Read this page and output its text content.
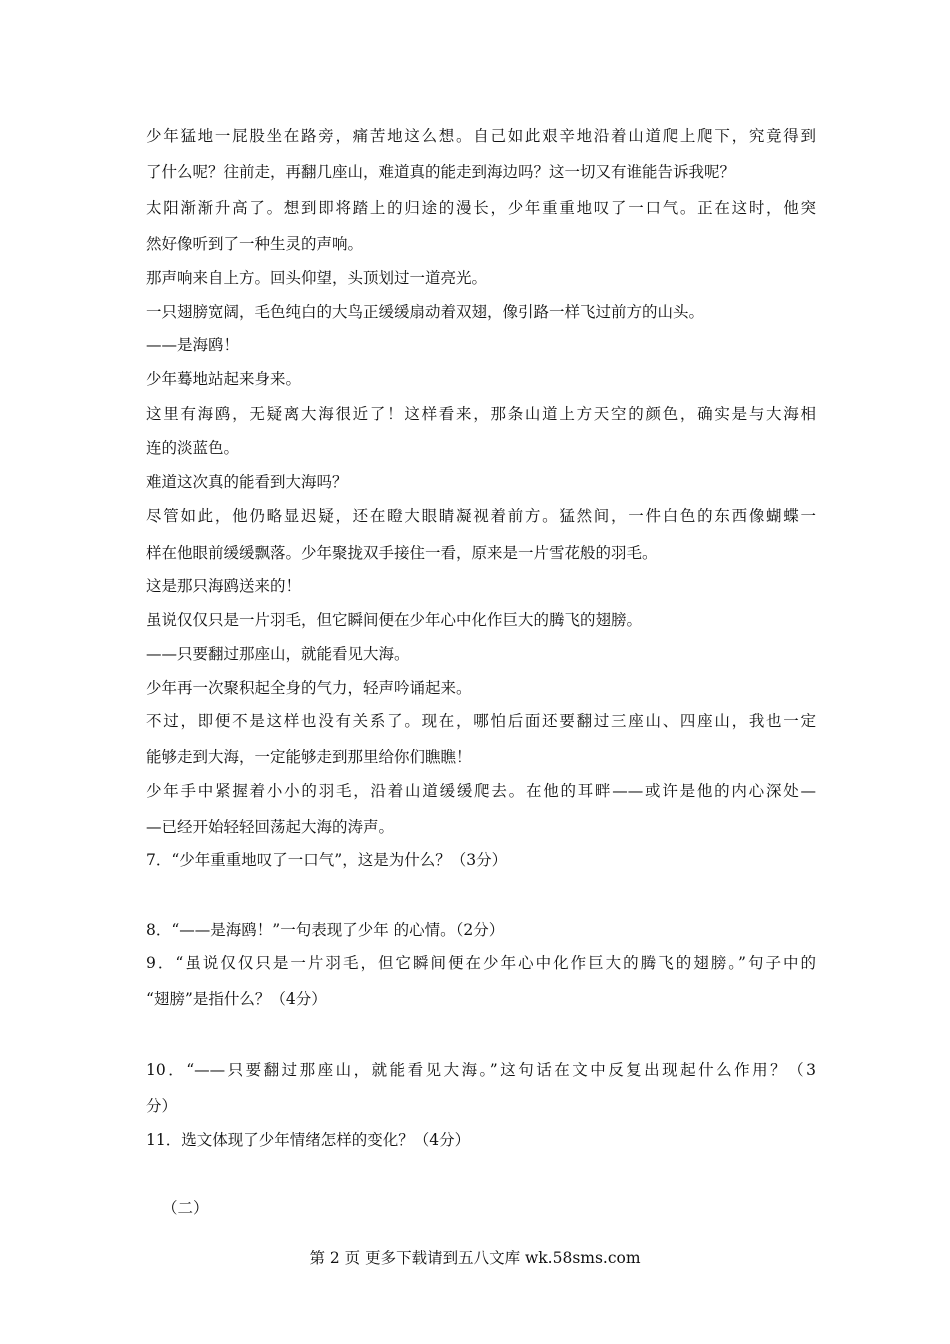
少年猛地一屁股坐在路旁，痛苦地这么想。自己如此艰辛地沿着山道爬上爬下，究竟得到
了什么呢？往前走，再翻几座山，难道真的能走到海边吗？这一切又有谁能告诉我呢？
太阳渐渐升高了。想到即将踏上的归途的漫长，少年重重地叹了一口气。正在这时，他突
然好像听到了一种生灵的声响。
那声响来自上方。回头仰望，头顶划过一道亮光。
一只翅膀宽阔，毛色纯白的大鸟正缓缓扇动着双翅，像引路一样飞过前方的山头。
——是海鸥！
少年蓦地站起来身来。
这里有海鸥，无疑离大海很近了！这样看来，那条山道上方天空的颜色，确实是与大海相
连的淡蓝色。
难道这次真的能看到大海吗？
尽管如此，他仍略显迟疑，还在瞪大眼睛凝视着前方。猛然间，一件白色的东西像蝴蝶一
样在他眼前缓缓飘落。少年聚拢双手接住一看，原来是一片雪花般的羽毛。
这是那只海鸥送来的！
虽说仅仅只是一片羽毛，但它瞬间便在少年心中化作巨大的腾飞的翅膀。
——只要翻过那座山，就能看见大海。
少年再一次聚积起全身的气力，轻声吟诵起来。
不过，即便不是这样也没有关系了。现在，哪怕后面还要翻过三座山、四座山，我也一定
能够走到大海，一定能够走到那里给你们瞧瞧！
少年手中紧握着小小的羽毛，沿着山道缓缓爬去。在他的耳畔——或许是他的内心深处—
—已经开始轻轻回荡起大海的涛声。
7．“少年重重地叹了一口气”，这是为什么？（3分）
8．“——是海鸥！”一句表现了少年 的心情。（2分）
9．“虽说仅仅只是一片羽毛，但它瞬间便在少年心中化作巨大的腾飞的翅膀。”句子中的
“翅膀”是指什么？（4分）
10．“——只要翻过那座山，就能看见大海。”这句话在文中反复出现起什么作用？（3
分）
11．选文体现了少年情绪怎样的变化？（4分）
（二）
第 2 页 更多下载请到五八文库 wk.58sms.com
